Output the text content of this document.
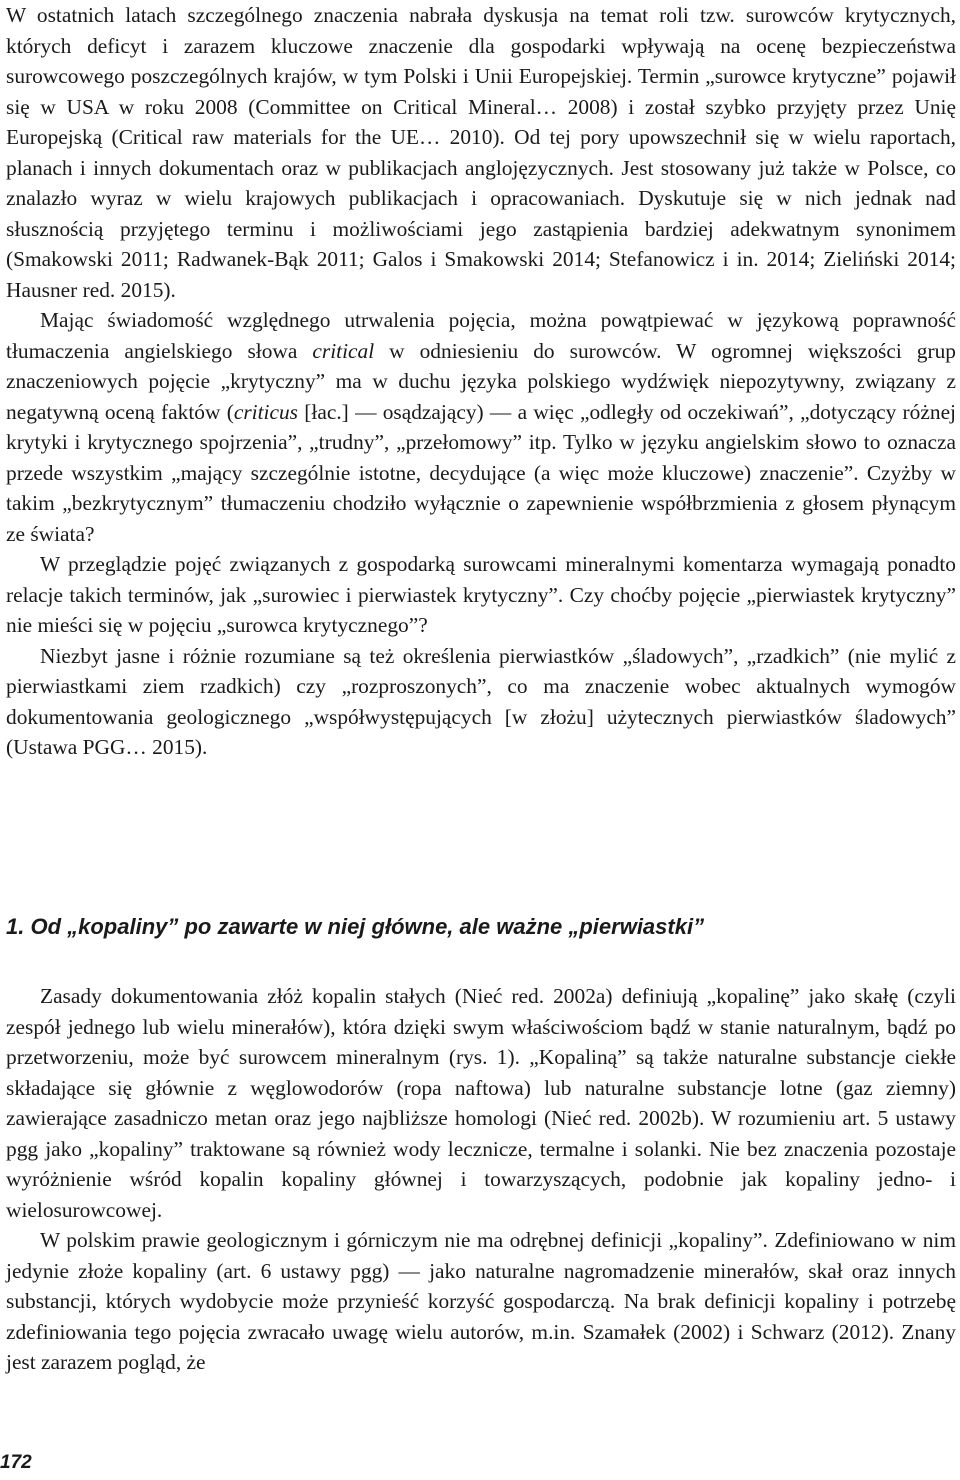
W ostatnich latach szczególnego znaczenia nabrała dyskusja na temat roli tzw. surowców krytycznych, których deficyt i zarazem kluczowe znaczenie dla gospodarki wpływają na ocenę bezpieczeństwa surowcowego poszczególnych krajów, w tym Polski i Unii Europejskiej. Termin „surowce krytyczne” pojawił się w USA w roku 2008 (Committee on Critical Mineral… 2008) i został szybko przyjęty przez Unię Europejską (Critical raw materials for the UE… 2010). Od tej pory upowszechnił się w wielu raportach, planach i innych dokumentach oraz w publikacjach anglojęzycznych. Jest stosowany już także w Polsce, co znalazło wyraz w wielu krajowych publikacjach i opracowaniach. Dyskutuje się w nich jednak nad słusznością przyjętego terminu i możliwościami jego zastąpienia bardziej adekwatnym synonimem (Smakowski 2011; Radwanek-Bąk 2011; Galos i Smakowski 2014; Stefanowicz i in. 2014; Zieliński 2014; Hausner red. 2015).

Mając świadomość względnego utrwalenia pojęcia, można powątpiewać w językową poprawność tłumaczenia angielskiego słowa critical w odniesieniu do surowców. W ogromnej większości grup znaczeniowych pojęcie „krytyczny” ma w duchu języka polskiego wydźwięk niepozytywny, związany z negatywną oceną faktów (criticus [łac.] — osądzający) — a więc „odległy od oczekiwań”, „dotyczący różnej krytyki i krytycznego spojrzenia”, „trudny”, „przełomowy” itp. Tylko w języku angielskim słowo to oznacza przede wszystkim „mający szczególnie istotne, decydujące (a więc może kluczowe) znaczenie”. Czyżby w takim „bezkrytycznym” tłumaczeniu chodziło wyłącznie o zapewnienie współbrzmienia z głosem płynącym ze świata?

W przeglądzie pojęć związanych z gospodarką surowcami mineralnymi komentarza wymagają ponadto relacje takich terminów, jak „surowiec i pierwiastek krytyczny”. Czy choćby pojęcie „pierwiastek krytyczny” nie mieści się w pojęciu „surowca krytycznego”?

Niezbyt jasne i różnie rozumiane są też określenia pierwiastków „śladowych”, „rzadkich” (nie mylić z pierwiastkami ziem rzadkich) czy „rozproszonych”, co ma znaczenie wobec aktualnych wymogów dokumentowania geologicznego „współwystępujących [w złożu] użytecznych pierwiastków śladowych” (Ustawa PGG… 2015).

1. Od „kopaliny” po zawarte w niej główne, ale ważne „pierwiastki”

Zasady dokumentowania złóż kopalin stałych (Nieć red. 2002a) definiują „kopalinę” jako skałę (czyli zespół jednego lub wielu minerałów), która dzięki swym właściwościom bądź w stanie naturalnym, bądź po przetworzeniu, może być surowcem mineralnym (rys. 1). „Kopaliną” są także naturalne substancje ciekłe składające się głównie z węglowodorów (ropa naftowa) lub naturalne substancje lotne (gaz ziemny) zawierające zasadniczo metan oraz jego najbliższe homologi (Nieć red. 2002b). W rozumieniu art. 5 ustawy pgg jako „kopaliny” traktowane są również wody lecznicze, termalne i solanki. Nie bez znaczenia pozostaje wyróżnienie wśród kopalin kopaliny głównej i towarzyszących, podobnie jak kopaliny jedno- i wielosurowcowej.

W polskim prawie geologicznym i górniczym nie ma odrębnej definicji „kopaliny”. Zdefiniowano w nim jedynie złoże kopaliny (art. 6 ustawy pgg) — jako naturalne nagromadzenie minerałów, skał oraz innych substancji, których wydobycie może przynieść korzyść gospodarczą. Na brak definicji kopaliny i potrzebę zdefiniowania tego pojęcia zwracało uwagę wielu autorów, m.in. Szamałek (2002) i Schwarz (2012). Znany jest zarazem pogląd, że

172
